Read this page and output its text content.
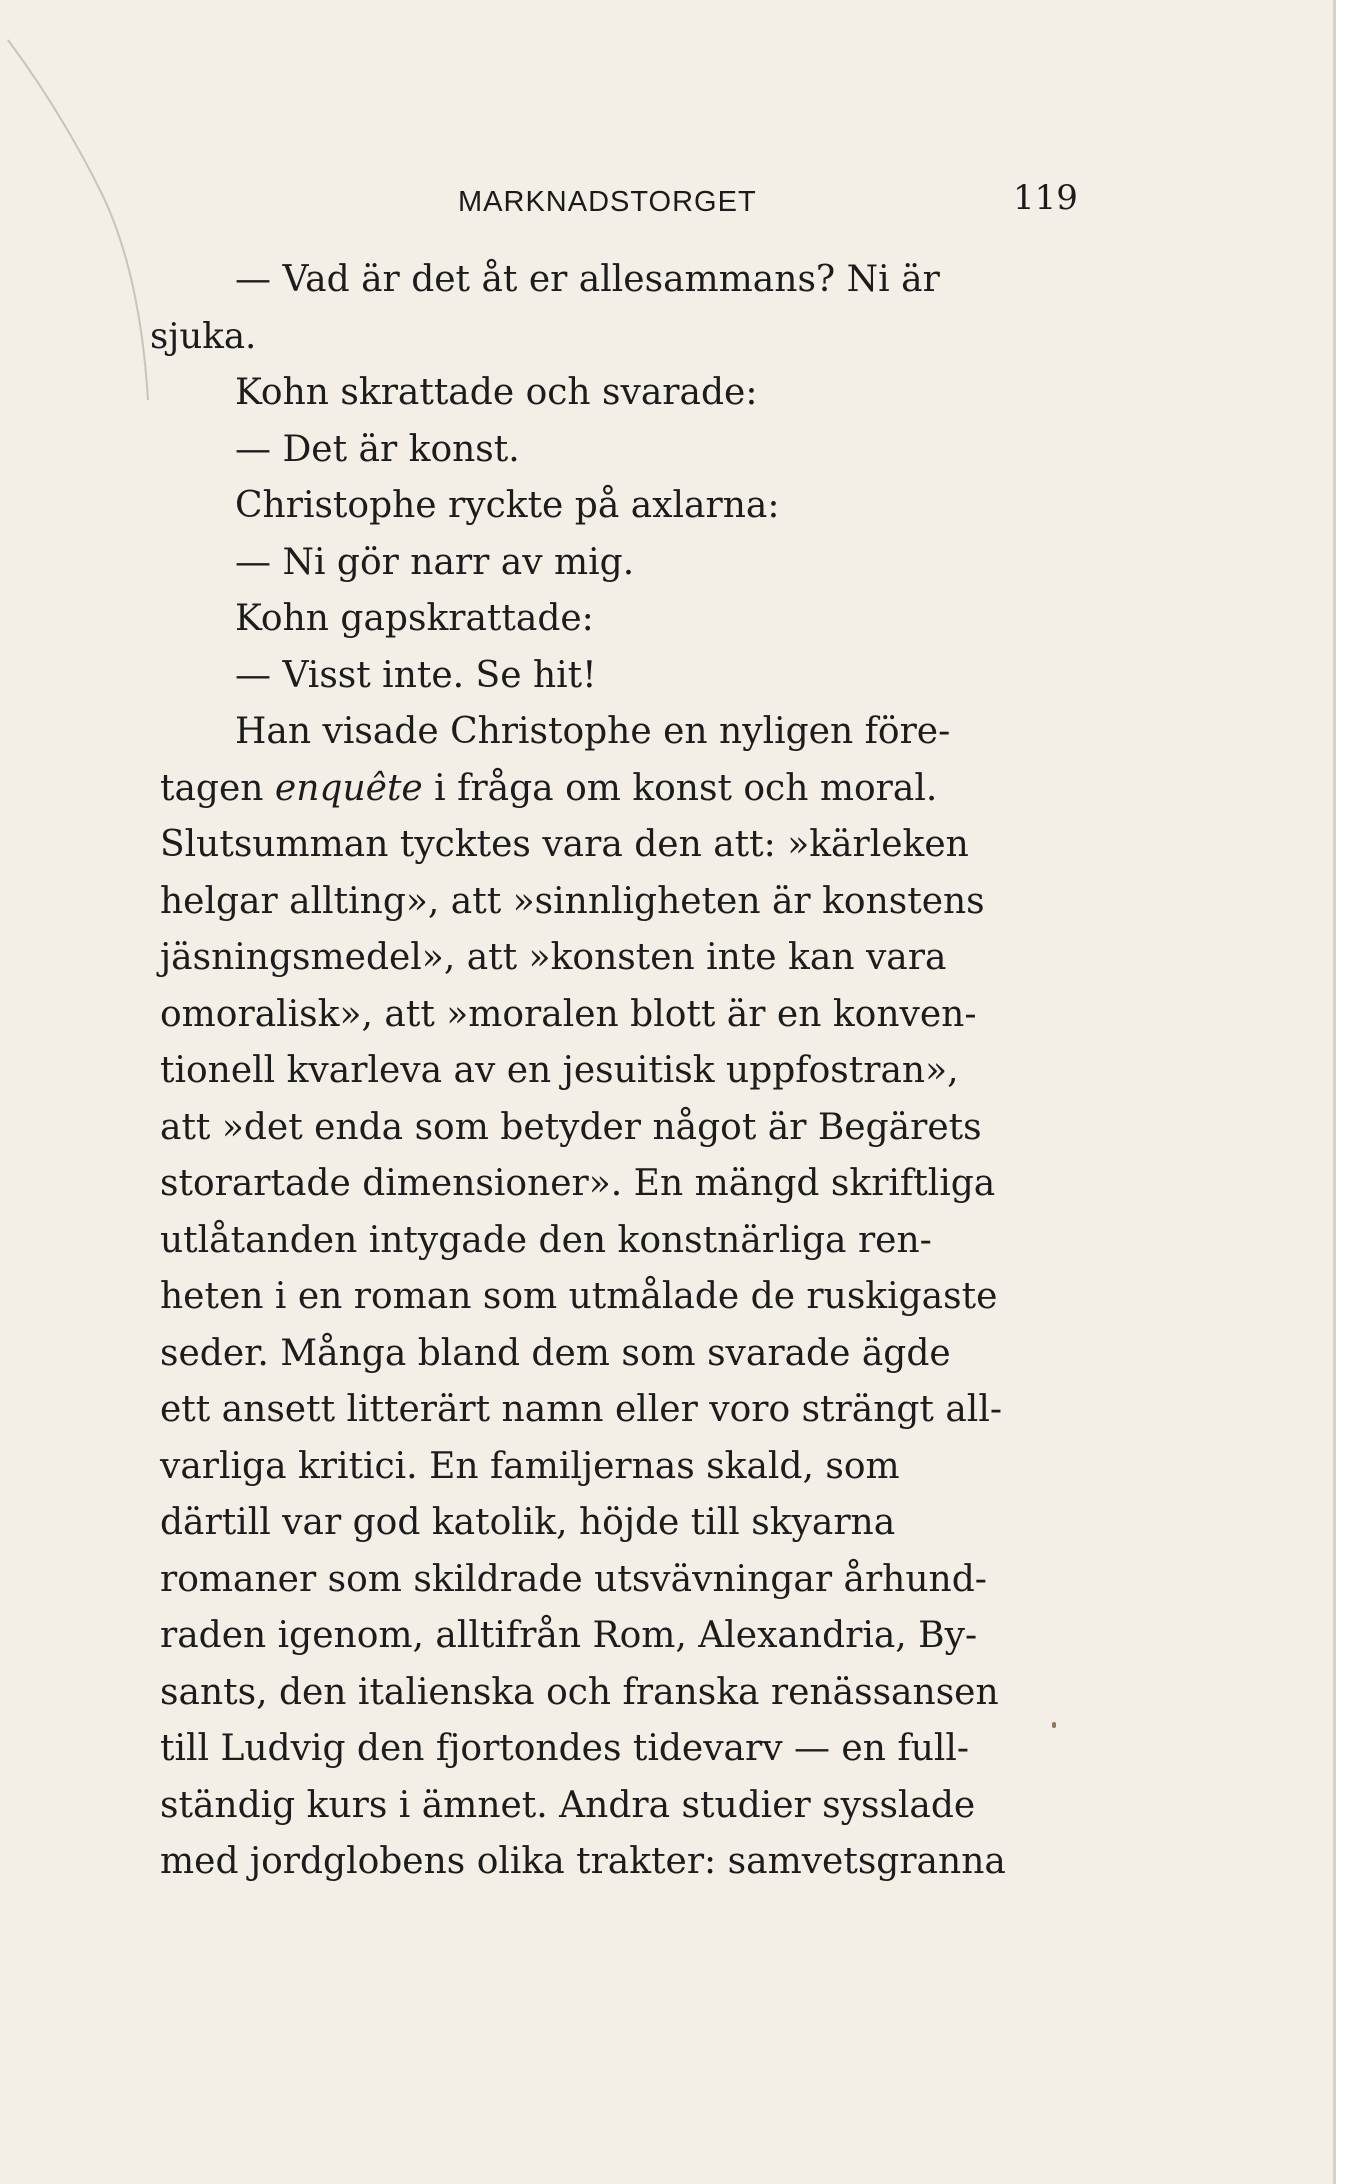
MARKNADSTORGET	119
— Vad är det åt er allesammans? Ni är
sjuka.
Kohn skrattade och svarade:
— Det är konst.
Christophe ryckte på axlarna:
— Ni gör narr av mig.
Kohn gapskrattade:
— Visst inte. Se hit!
Han visade Christophe en nyligen före-
tagen enquête i fråga om konst och moral.
Slutsumman tycktes vara den att: »kärleken
helgar allting», att »sinnligheten är konstens
jäsningsmedel», att »konsten inte kan vara
omoralisk», att »moralen blott är en konven-
tionell kvarleva av en jesuitisk uppfostran»,
att »det enda som betyder något är Begärets
storartade dimensioner». En mängd skriftliga
utlåtanden intygade den konstnärliga ren-
heten i en roman som utmålade de ruskigaste
seder. Många bland dem som svarade ägde
ett ansett litterärt namn eller voro strängt all-
varliga kritici. En familjernas skald, som
därtill var god katolik, höjde till skyarna
romaner som skildrade utsvävningar århund-
raden igenom, alltifrån Rom, Alexandria, By-
sants, den italienska och franska renässansen
till Ludvig den fjortondes tidevarv — en full-
ständig kurs i ämnet. Andra studier sysslade
med jordglobens olika trakter: samvetsgranna
